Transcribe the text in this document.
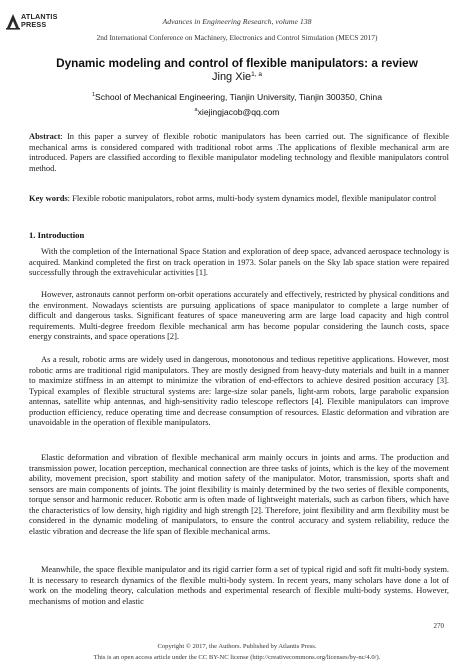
ATLANTIS
PRESS	Advances in Engineering Research, volume 138
2nd International Conference on Machinery, Electronics and Control Simulation (MECS 2017)
Dynamic modeling and control of flexible manipulators: a review
Jing Xie$^{1, a}$
$^1$School of Mechanical Engineering, Tianjin University, Tianjin 300350, China
$^a$xiejingjacob@qq.com

Abstract: In this paper a survey of flexible robotic manipulators has been carried out. The significance of flexible mechanical arms is considered compared with traditional robot arms .The applications of flexible mechanical arm are introduced. Papers are classified according to flexible manipulator modeling technology and flexible manipulators control method.

Key words: Flexible robotic manipulators, robot arms, multi-body system dynamics model, flexible manipulator control

1. Introduction

With the completion of the International Space Station and exploration of deep space, advanced aerospace technology is acquired. Mankind completed the first on track operation in 1973. Solar panels on the Sky lab space station were repaired successfully through the extravehicular activities [1].

However, astronauts cannot perform on-orbit operations accurately and effectively, restricted by physical conditions and the environment. Nowadays scientists are pursuing applications of space manipulator to complete a large number of difficult and dangerous tasks. Significant features of space maneuvering arm are large load capacity and high control requirements. Multi-degree freedom flexible mechanical arm has become popular considering the launch costs, space energy constraints, and space operations [2].

As a result, robotic arms are widely used in dangerous, monotonous and tedious repetitive applications. However, most robotic arms are traditional rigid manipulators. They are mostly designed from heavy-duty materials and built in a manner to maximize stiffness in an attempt to minimize the vibration of end-effectors to achieve desired position accuracy [3]. Typical examples of flexible structural systems are: large-size solar panels, light-arm robots, large parabolic expansion antennas, satellite whip antennas, and high-sensitivity radio telescope reflectors [4]. Flexible manipulators can improve production efficiency, reduce operating time and decrease consumption of resources. Elastic deformation and vibration are unavoidable in the operation of flexible manipulators.

Elastic deformation and vibration of flexible mechanical arm mainly occurs in joints and arms. The production and transmission power, location perception, mechanical connection are three tasks of joints, which is the key of the movement ability, movement precision, sport stability and motion safety of the manipulator. Motor, transmission, sports shaft and sensors are main components of joints. The joint flexibility is mainly determined by the two series of flexible components, torque sensor and harmonic reducer. Robotic arm is often made of lightweight materials, such as carbon fibers, which have the characteristics of low density, high rigidity and high strength [2]. Therefore, joint flexibility and arm flexibility must be considered in the dynamic modeling of manipulators, to ensure the control accuracy and system reliability, reduce the elastic vibration and decrease the life span of flexible mechanical arms.

Meanwhile, the space flexible manipulator and its rigid carrier form a set of typical rigid and soft fit multi-body system. It is necessary to research dynamics of the flexible multi-body system. In recent years, many scholars have done a lot of work on the modeling theory, calculation methods and experimental research of flexible multi-body systems. However, mechanisms of motion and elastic

Copyright © 2017, the Authors. Published by Atlantis Press.
This is an open access article under the CC BY-NC license (http://creativecommons.org/licenses/by-nc/4.0/).
270
